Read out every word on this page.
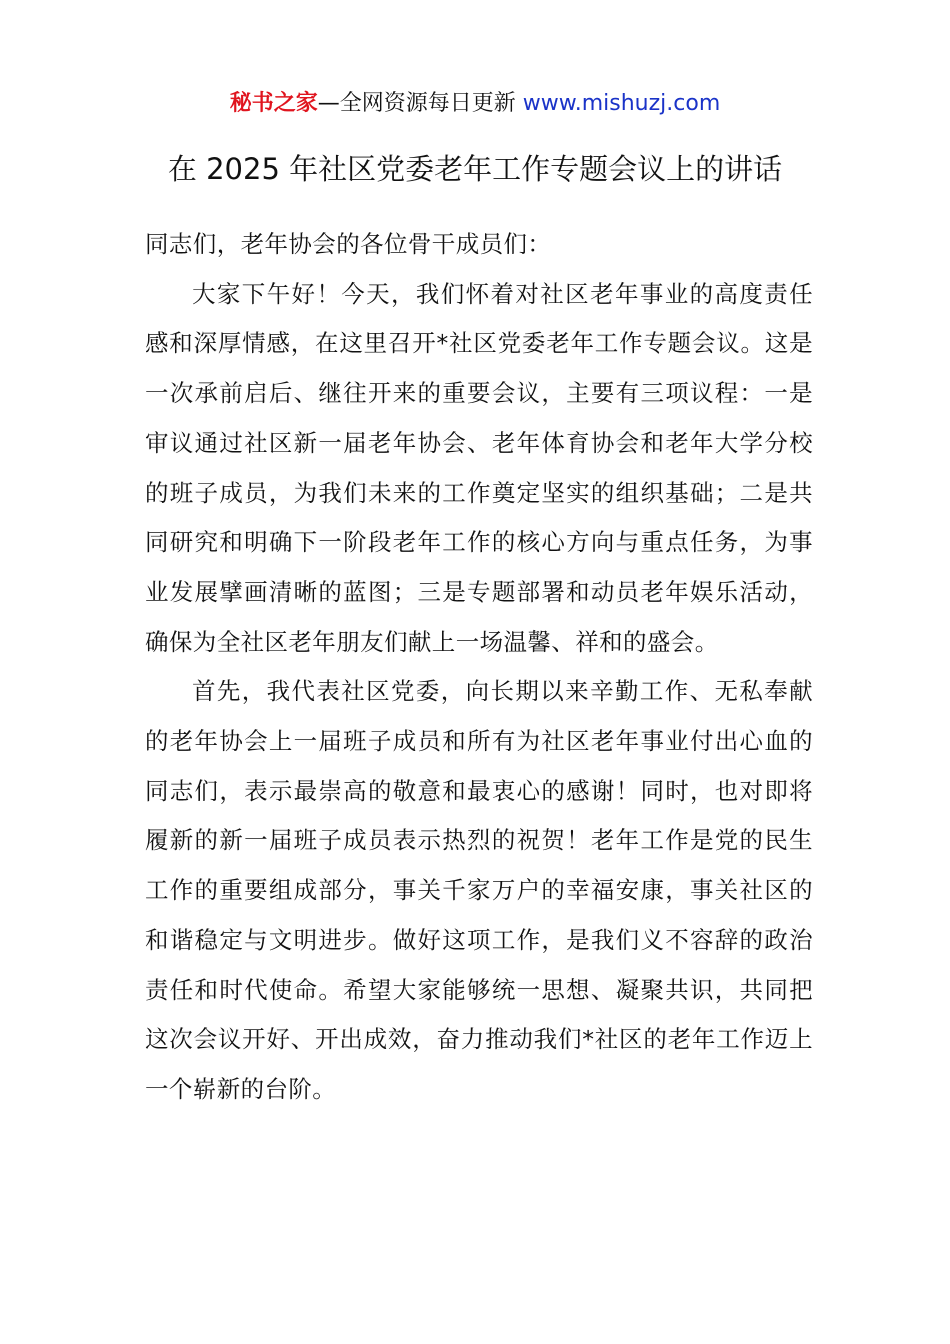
秘书之家—全网资源每日更新 www.mishuzj.com
在 2025 年社区党委老年工作专题会议上的讲话

同志们，老年协会的各位骨干成员们：

大家下午好！今天，我们怀着对社区老年事业的高度责任感和深厚情感，在这里召开*社区党委老年工作专题会议。这是一次承前启后、继往开来的重要会议，主要有三项议程：一是审议通过社区新一届老年协会、老年体育协会和老年大学分校的班子成员，为我们未来的工作奠定坚实的组织基础；二是共同研究和明确下一阶段老年工作的核心方向与重点任务，为事业发展擘画清晰的蓝图；三是专题部署和动员老年娱乐活动，确保为全社区老年朋友们献上一场温馨、祥和的盛会。

首先，我代表社区党委，向长期以来辛勤工作、无私奉献的老年协会上一届班子成员和所有为社区老年事业付出心血的同志们，表示最崇高的敬意和最衷心的感谢！同时，也对即将履新的新一届班子成员表示热烈的祝贺！老年工作是党的民生工作的重要组成部分，事关千家万户的幸福安康，事关社区的和谐稳定与文明进步。做好这项工作，是我们义不容辞的政治责任和时代使命。希望大家能够统一思想、凝聚共识，共同把这次会议开好、开出成效，奋力推动我们*社区的老年工作迈上一个崭新的台阶。
